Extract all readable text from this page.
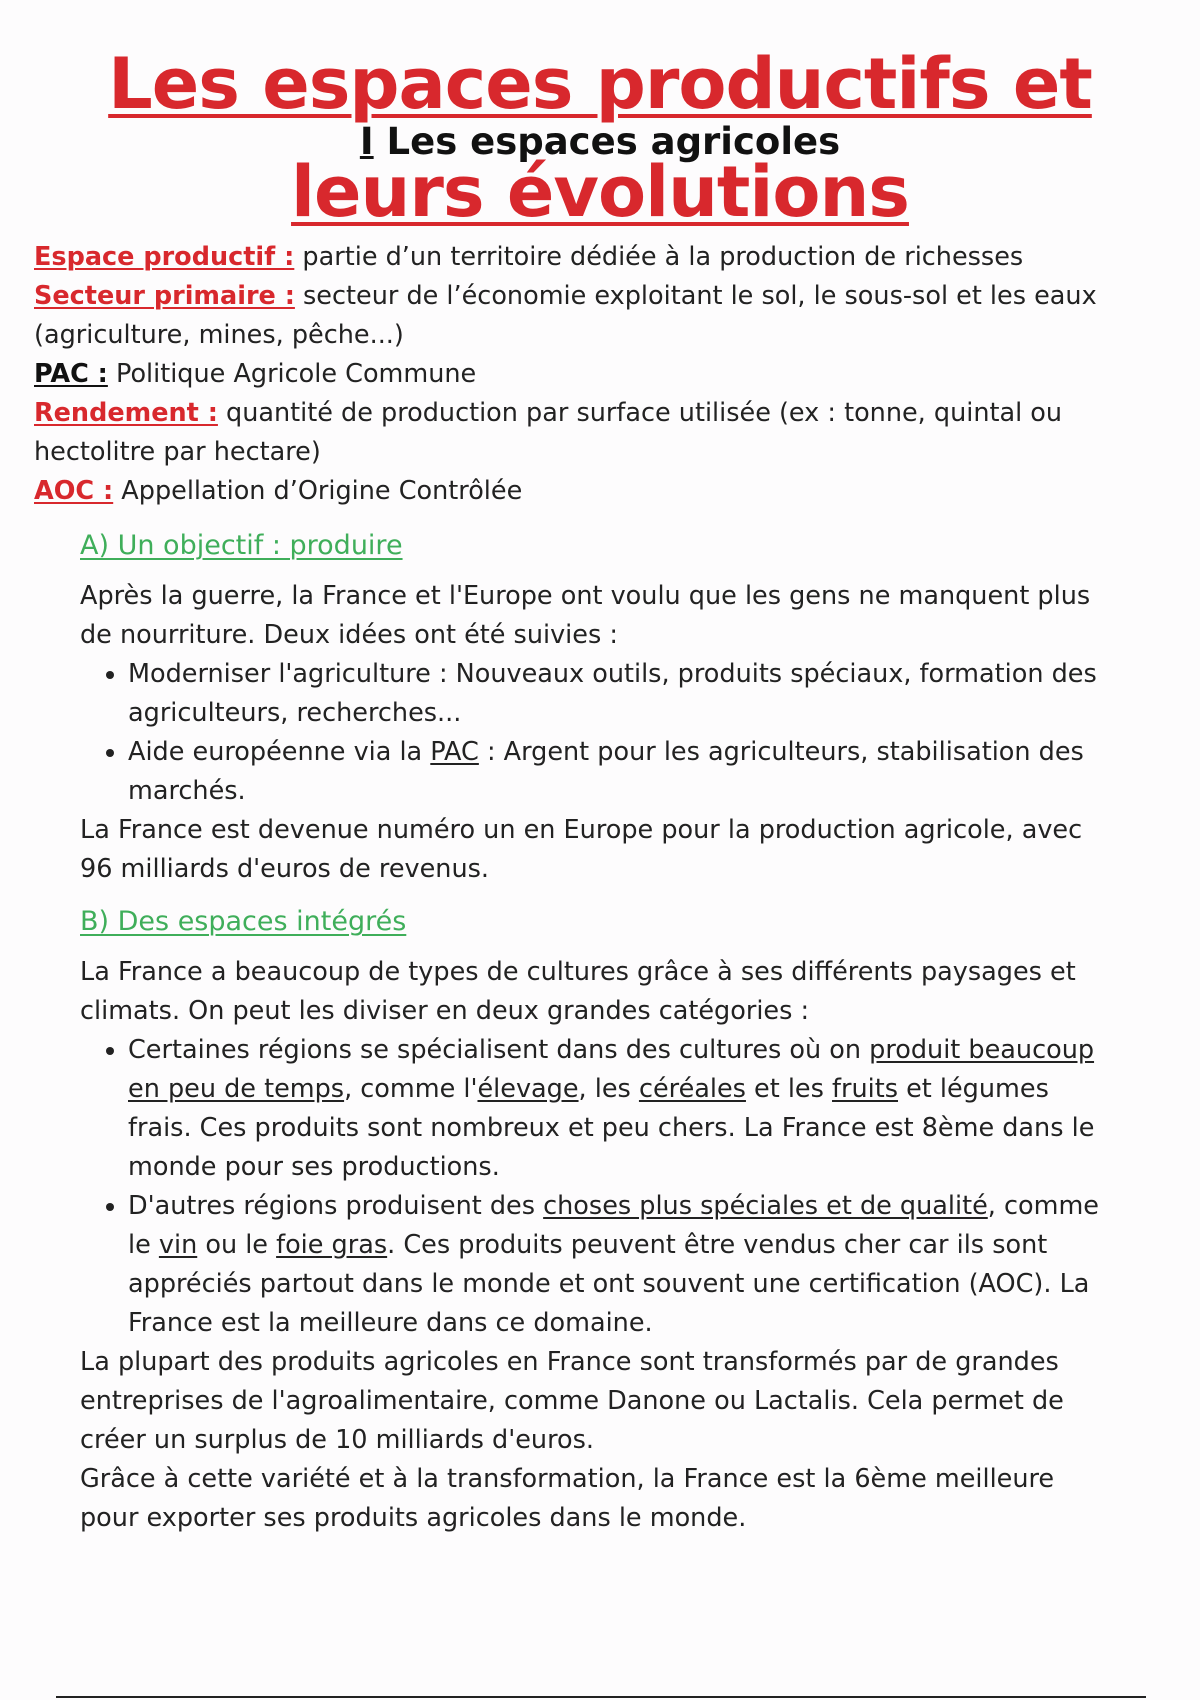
Les espaces productifs et
I Les espaces agricoles
leurs évolutions

Espace productif : partie d’un territoire dédiée à la production de richesses

Secteur primaire : secteur de l’économie exploitant le sol, le sous-sol et les eaux (agriculture, mines, pêche...)

PAC : Politique Agricole Commune

Rendement : quantité de production par surface utilisée (ex : tonne, quintal ou hectolitre par hectare)

AOC : Appellation d’Origine Contrôlée

A) Un objectif : produire

Après la guerre, la France et l'Europe ont voulu que les gens ne manquent plus de nourriture. Deux idées ont été suivies :

• Moderniser l'agriculture : Nouveaux outils, produits spéciaux, formation des agriculteurs, recherches...
• Aide européenne via la PAC : Argent pour les agriculteurs, stabilisation des marchés.

La France est devenue numéro un en Europe pour la production agricole, avec 96 milliards d'euros de revenus.

B) Des espaces intégrés

La France a beaucoup de types de cultures grâce à ses différents paysages et climats. On peut les diviser en deux grandes catégories :

• Certaines régions se spécialisent dans des cultures où on produit beaucoup en peu de temps, comme l'élevage, les céréales et les fruits et légumes frais. Ces produits sont nombreux et peu chers. La France est 8ème dans le monde pour ses productions.
• D'autres régions produisent des choses plus spéciales et de qualité, comme le vin ou le foie gras. Ces produits peuvent être vendus cher car ils sont appréciés partout dans le monde et ont souvent une certification (AOC). La France est la meilleure dans ce domaine.

La plupart des produits agricoles en France sont transformés par de grandes entreprises de l'agroalimentaire, comme Danone ou Lactalis. Cela permet de créer un surplus de 10 milliards d'euros.

Grâce à cette variété et à la transformation, la France est la 6ème meilleure pour exporter ses produits agricoles dans le monde.
